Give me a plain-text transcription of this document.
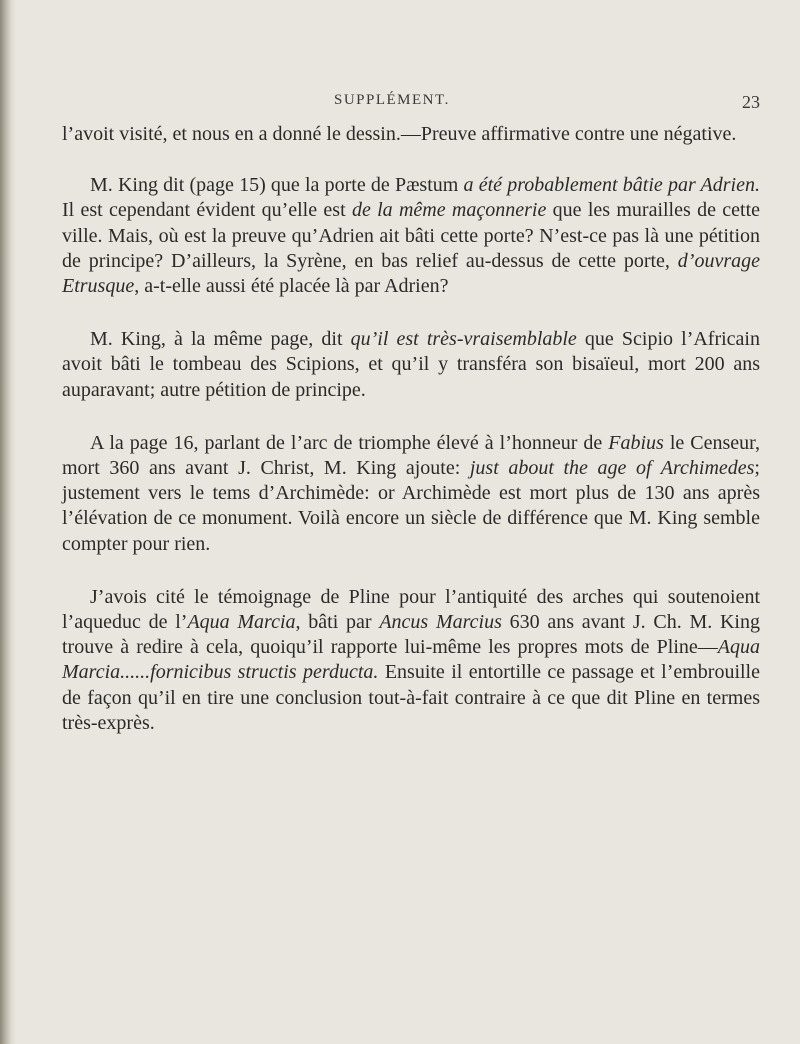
SUPPLÉMENT.	23

l’avoit visité, et nous en a donné le dessin.—Preuve affirmative contre une négative.

M. King dit (page 15) que la porte de Pæstum a été probablement bâtie par Adrien. Il est cependant évident qu’elle est de la même maçonnerie que les murailles de cette ville. Mais, où est la preuve qu’Adrien ait bâti cette porte? N’est-ce pas là une pétition de principe? D’ailleurs, la Syrène, en bas relief au-dessus de cette porte, d’ouvrage Etrusque, a-t-elle aussi été placée là par Adrien?

M. King, à la même page, dit qu’il est très-vraisemblable que Scipio l’Africain avoit bâti le tombeau des Scipions, et qu’il y transféra son bisaïeul, mort 200 ans auparavant; autre pétition de principe.

A la page 16, parlant de l’arc de triomphe élevé à l’honneur de Fabius le Censeur, mort 360 ans avant J. Christ, M. King ajoute: just about the age of Archimedes; justement vers le tems d’Archimède: or Archimède est mort plus de 130 ans après l’élévation de ce monument. Voilà encore un siècle de différence que M. King semble compter pour rien.

J’avois cité le témoignage de Pline pour l’antiquité des arches qui soutenoient l’aqueduc de l’Aqua Marcia, bâti par Ancus Marcius 630 ans avant J. Ch. M. King trouve à redire à cela, quoiqu’il rapporte lui-même les propres mots de Pline—Aqua Marcia......fornicibus structis perducta. Ensuite il entortille ce passage et l’embrouille de façon qu’il en tire une conclusion tout-à-fait contraire à ce que dit Pline en termes très-exprès.
